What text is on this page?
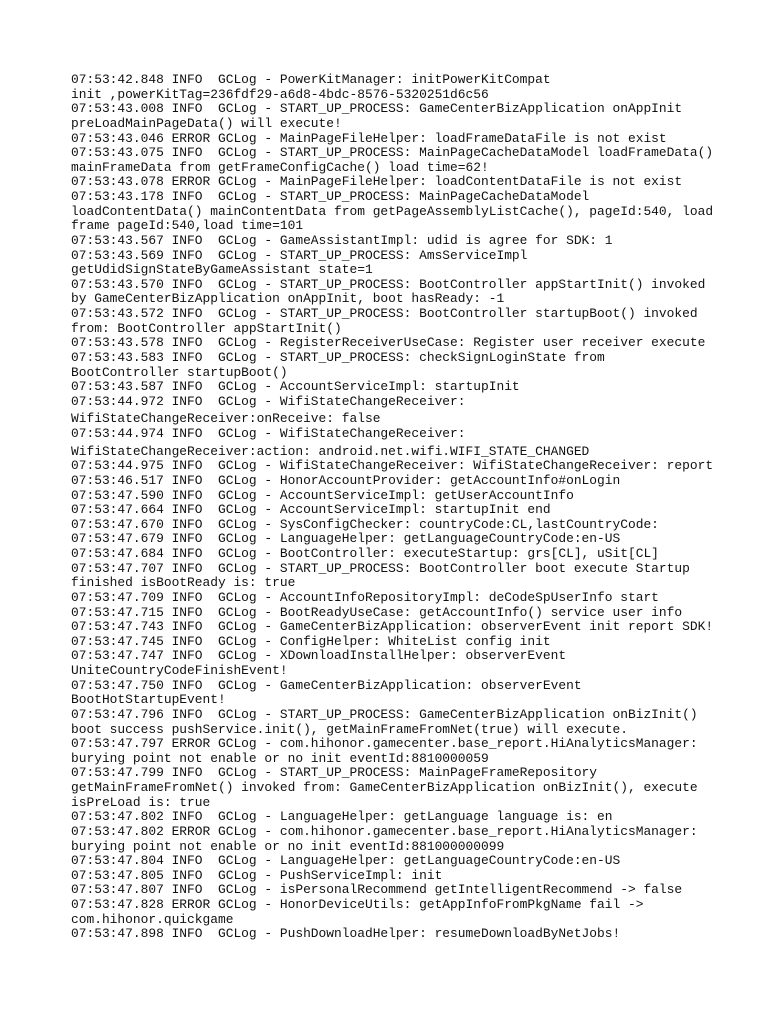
07:53:42.848 INFO  GCLog - PowerKitManager: initPowerKitCompat
init ,powerKitTag=236fdf29-a6d8-4bdc-8576-5320251d6c56
07:53:43.008 INFO  GCLog - START_UP_PROCESS: GameCenterBizApplication onAppInit
preLoadMainPageData() will execute!
07:53:43.046 ERROR GCLog - MainPageFileHelper: loadFrameDataFile is not exist
07:53:43.075 INFO  GCLog - START_UP_PROCESS: MainPageCacheDataModel loadFrameData()
mainFrameData from getFrameConfigCache() load time=62!
07:53:43.078 ERROR GCLog - MainPageFileHelper: loadContentDataFile is not exist
07:53:43.178 INFO  GCLog - START_UP_PROCESS: MainPageCacheDataModel
loadContentData() mainContentData from getPageAssemblyListCache(), pageId:540, load
frame pageId:540,load time=101
07:53:43.567 INFO  GCLog - GameAssistantImpl: udid is agree for SDK: 1
07:53:43.569 INFO  GCLog - START_UP_PROCESS: AmsServiceImpl
getUdidSignStateByGameAssistant state=1
07:53:43.570 INFO  GCLog - START_UP_PROCESS: BootController appStartInit() invoked
by GameCenterBizApplication onAppInit, boot hasReady: -1
07:53:43.572 INFO  GCLog - START_UP_PROCESS: BootController startupBoot() invoked
from: BootController appStartInit()
07:53:43.578 INFO  GCLog - RegisterReceiverUseCase: Register user receiver execute
07:53:43.583 INFO  GCLog - START_UP_PROCESS: checkSignLoginState from
BootController startupBoot()
07:53:43.587 INFO  GCLog - AccountServiceImpl: startupInit
07:53:44.972 INFO  GCLog - WifiStateChangeReceiver:
WifiStateChangeReceiver:onReceive: false
07:53:44.974 INFO  GCLog - WifiStateChangeReceiver:
WifiStateChangeReceiver:action: android.net.wifi.WIFI_STATE_CHANGED
07:53:44.975 INFO  GCLog - WifiStateChangeReceiver: WifiStateChangeReceiver: report
07:53:46.517 INFO  GCLog - HonorAccountProvider: getAccountInfo#onLogin
07:53:47.590 INFO  GCLog - AccountServiceImpl: getUserAccountInfo
07:53:47.664 INFO  GCLog - AccountServiceImpl: startupInit end
07:53:47.670 INFO  GCLog - SysConfigChecker: countryCode:CL,lastCountryCode:
07:53:47.679 INFO  GCLog - LanguageHelper: getLanguageCountryCode:en-US
07:53:47.684 INFO  GCLog - BootController: executeStartup: grs[CL], uSit[CL]
07:53:47.707 INFO  GCLog - START_UP_PROCESS: BootController boot execute Startup
finished isBootReady is: true
07:53:47.709 INFO  GCLog - AccountInfoRepositoryImpl: deCodeSpUserInfo start
07:53:47.715 INFO  GCLog - BootReadyUseCase: getAccountInfo() service user info
07:53:47.743 INFO  GCLog - GameCenterBizApplication: observerEvent init report SDK!
07:53:47.745 INFO  GCLog - ConfigHelper: WhiteList config init
07:53:47.747 INFO  GCLog - XDownloadInstallHelper: observerEvent
UniteCountryCodeFinishEvent!
07:53:47.750 INFO  GCLog - GameCenterBizApplication: observerEvent
BootHotStartupEvent!
07:53:47.796 INFO  GCLog - START_UP_PROCESS: GameCenterBizApplication onBizInit()
boot success pushService.init(), getMainFrameFromNet(true) will execute.
07:53:47.797 ERROR GCLog - com.hihonor.gamecenter.base_report.HiAnalyticsManager:
burying point not enable or no init eventId:8810000059
07:53:47.799 INFO  GCLog - START_UP_PROCESS: MainPageFrameRepository
getMainFrameFromNet() invoked from: GameCenterBizApplication onBizInit(), execute
isPreLoad is: true
07:53:47.802 INFO  GCLog - LanguageHelper: getLanguage language is: en
07:53:47.802 ERROR GCLog - com.hihonor.gamecenter.base_report.HiAnalyticsManager:
burying point not enable or no init eventId:881000000099
07:53:47.804 INFO  GCLog - LanguageHelper: getLanguageCountryCode:en-US
07:53:47.805 INFO  GCLog - PushServiceImpl: init
07:53:47.807 INFO  GCLog - isPersonalRecommend getIntelligentRecommend -> false
07:53:47.828 ERROR GCLog - HonorDeviceUtils: getAppInfoFromPkgName fail ->
com.hihonor.quickgame
07:53:47.898 INFO  GCLog - PushDownloadHelper: resumeDownloadByNetJobs!
